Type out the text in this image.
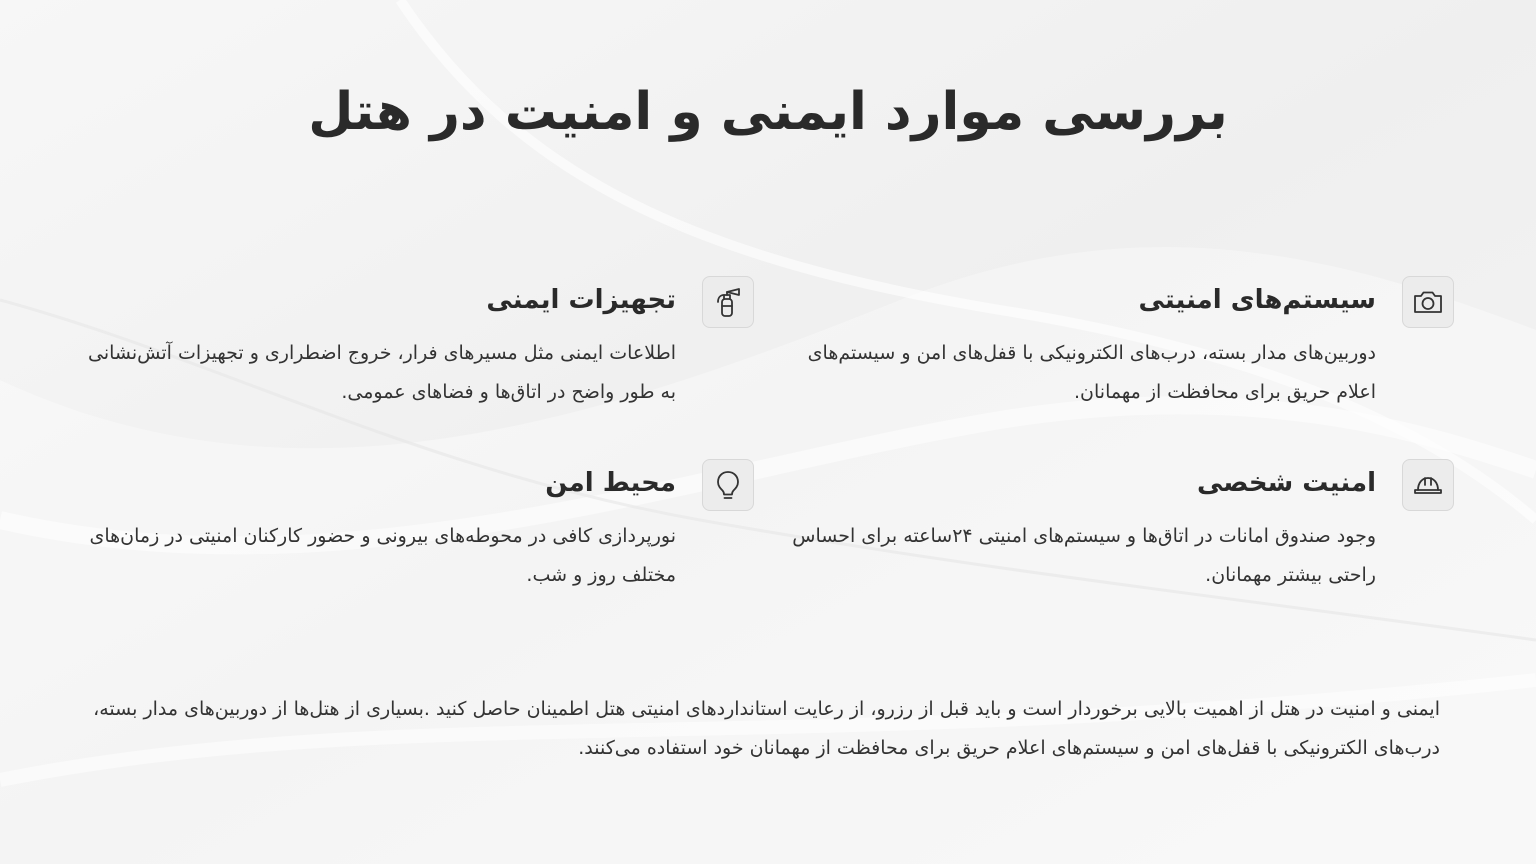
بررسی موارد ایمنی و امنیت در هتل
سیستم‌های امنیتی

دوربین‌های مدار بسته، درب‌های الکترونیکی با قفل‌های امن و سیستم‌های اعلام حریق برای محافظت از مهمانان.

تجهیزات ایمنی

اطلاعات ایمنی مثل مسیرهای فرار، خروج اضطراری و تجهیزات آتش‌نشانی به طور واضح در اتاق‌ها و فضاهای عمومی.

امنیت شخصی

وجود صندوق امانات در اتاق‌ها و سیستم‌های امنیتی ۲۴ساعته برای احساس راحتی بیشتر مهمانان.

محیط امن

نورپردازی کافی در محوطه‌های بیرونی و حضور کارکنان امنیتی در زمان‌های مختلف روز و شب.

ایمنی و امنیت در هتل از اهمیت بالایی برخوردار است و باید قبل از رزرو، از رعایت استانداردهای امنیتی هتل اطمینان حاصل کنید .بسیاری از هتل‌ها از دوربین‌های مدار بسته، درب‌های الکترونیکی با قفل‌های امن و سیستم‌های اعلام حریق برای محافظت از مهمانان خود استفاده می‌کنند.
